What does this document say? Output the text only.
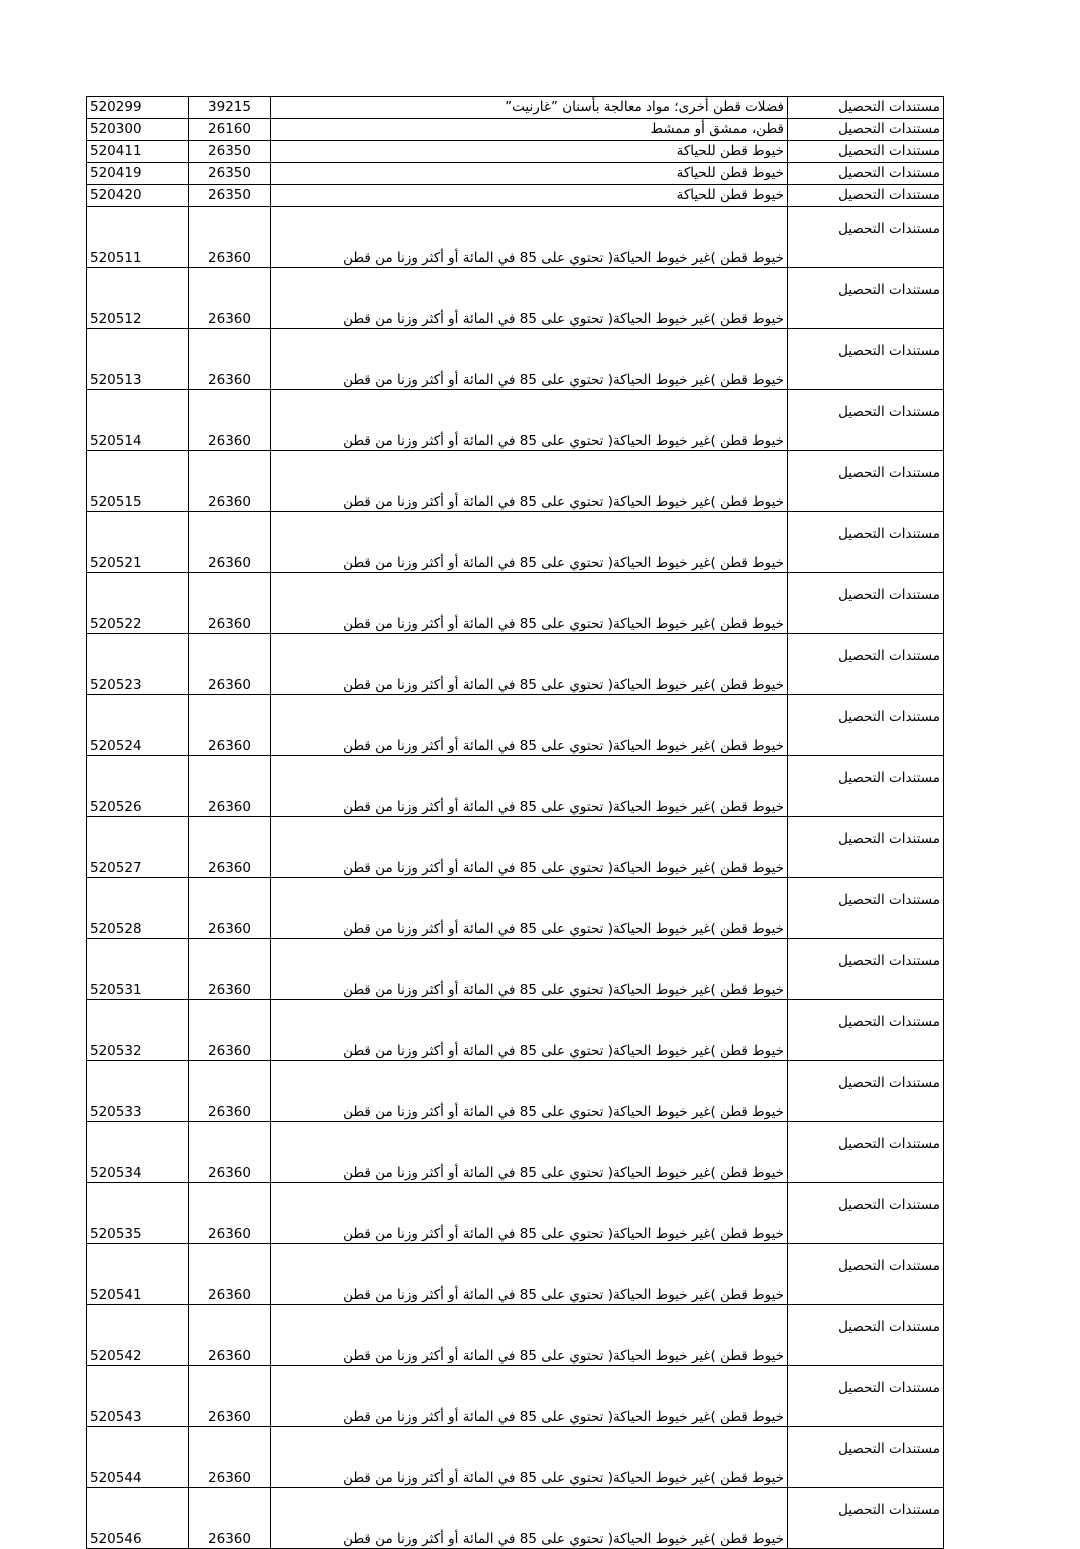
520299	39215	فضلات قطن أخرى؛ مواد معالجة بأسنان ”غارنيت”	مستندات التحصيل
520300	26160	قطن، ممشق أو ممشط	مستندات التحصيل
520411	26350	خيوط قطن للحياكة	مستندات التحصيل
520419	26350	خيوط قطن للحياكة	مستندات التحصيل
520420	26350	خيوط قطن للحياكة	مستندات التحصيل
520511	26360	خيوط قطن )غير خيوط الحياكة( تحتوي على 85 في المائة أو أكثر وزنا من قطن	مستندات التحصيل
520512	26360	خيوط قطن )غير خيوط الحياكة( تحتوي على 85 في المائة أو أكثر وزنا من قطن	مستندات التحصيل
520513	26360	خيوط قطن )غير خيوط الحياكة( تحتوي على 85 في المائة أو أكثر وزنا من قطن	مستندات التحصيل
520514	26360	خيوط قطن )غير خيوط الحياكة( تحتوي على 85 في المائة أو أكثر وزنا من قطن	مستندات التحصيل
520515	26360	خيوط قطن )غير خيوط الحياكة( تحتوي على 85 في المائة أو أكثر وزنا من قطن	مستندات التحصيل
520521	26360	خيوط قطن )غير خيوط الحياكة( تحتوي على 85 في المائة أو أكثر وزنا من قطن	مستندات التحصيل
520522	26360	خيوط قطن )غير خيوط الحياكة( تحتوي على 85 في المائة أو أكثر وزنا من قطن	مستندات التحصيل
520523	26360	خيوط قطن )غير خيوط الحياكة( تحتوي على 85 في المائة أو أكثر وزنا من قطن	مستندات التحصيل
520524	26360	خيوط قطن )غير خيوط الحياكة( تحتوي على 85 في المائة أو أكثر وزنا من قطن	مستندات التحصيل
520526	26360	خيوط قطن )غير خيوط الحياكة( تحتوي على 85 في المائة أو أكثر وزنا من قطن	مستندات التحصيل
520527	26360	خيوط قطن )غير خيوط الحياكة( تحتوي على 85 في المائة أو أكثر وزنا من قطن	مستندات التحصيل
520528	26360	خيوط قطن )غير خيوط الحياكة( تحتوي على 85 في المائة أو أكثر وزنا من قطن	مستندات التحصيل
520531	26360	خيوط قطن )غير خيوط الحياكة( تحتوي على 85 في المائة أو أكثر وزنا من قطن	مستندات التحصيل
520532	26360	خيوط قطن )غير خيوط الحياكة( تحتوي على 85 في المائة أو أكثر وزنا من قطن	مستندات التحصيل
520533	26360	خيوط قطن )غير خيوط الحياكة( تحتوي على 85 في المائة أو أكثر وزنا من قطن	مستندات التحصيل
520534	26360	خيوط قطن )غير خيوط الحياكة( تحتوي على 85 في المائة أو أكثر وزنا من قطن	مستندات التحصيل
520535	26360	خيوط قطن )غير خيوط الحياكة( تحتوي على 85 في المائة أو أكثر وزنا من قطن	مستندات التحصيل
520541	26360	خيوط قطن )غير خيوط الحياكة( تحتوي على 85 في المائة أو أكثر وزنا من قطن	مستندات التحصيل
520542	26360	خيوط قطن )غير خيوط الحياكة( تحتوي على 85 في المائة أو أكثر وزنا من قطن	مستندات التحصيل
520543	26360	خيوط قطن )غير خيوط الحياكة( تحتوي على 85 في المائة أو أكثر وزنا من قطن	مستندات التحصيل
520544	26360	خيوط قطن )غير خيوط الحياكة( تحتوي على 85 في المائة أو أكثر وزنا من قطن	مستندات التحصيل
520546	26360	خيوط قطن )غير خيوط الحياكة( تحتوي على 85 في المائة أو أكثر وزنا من قطن	مستندات التحصيل
